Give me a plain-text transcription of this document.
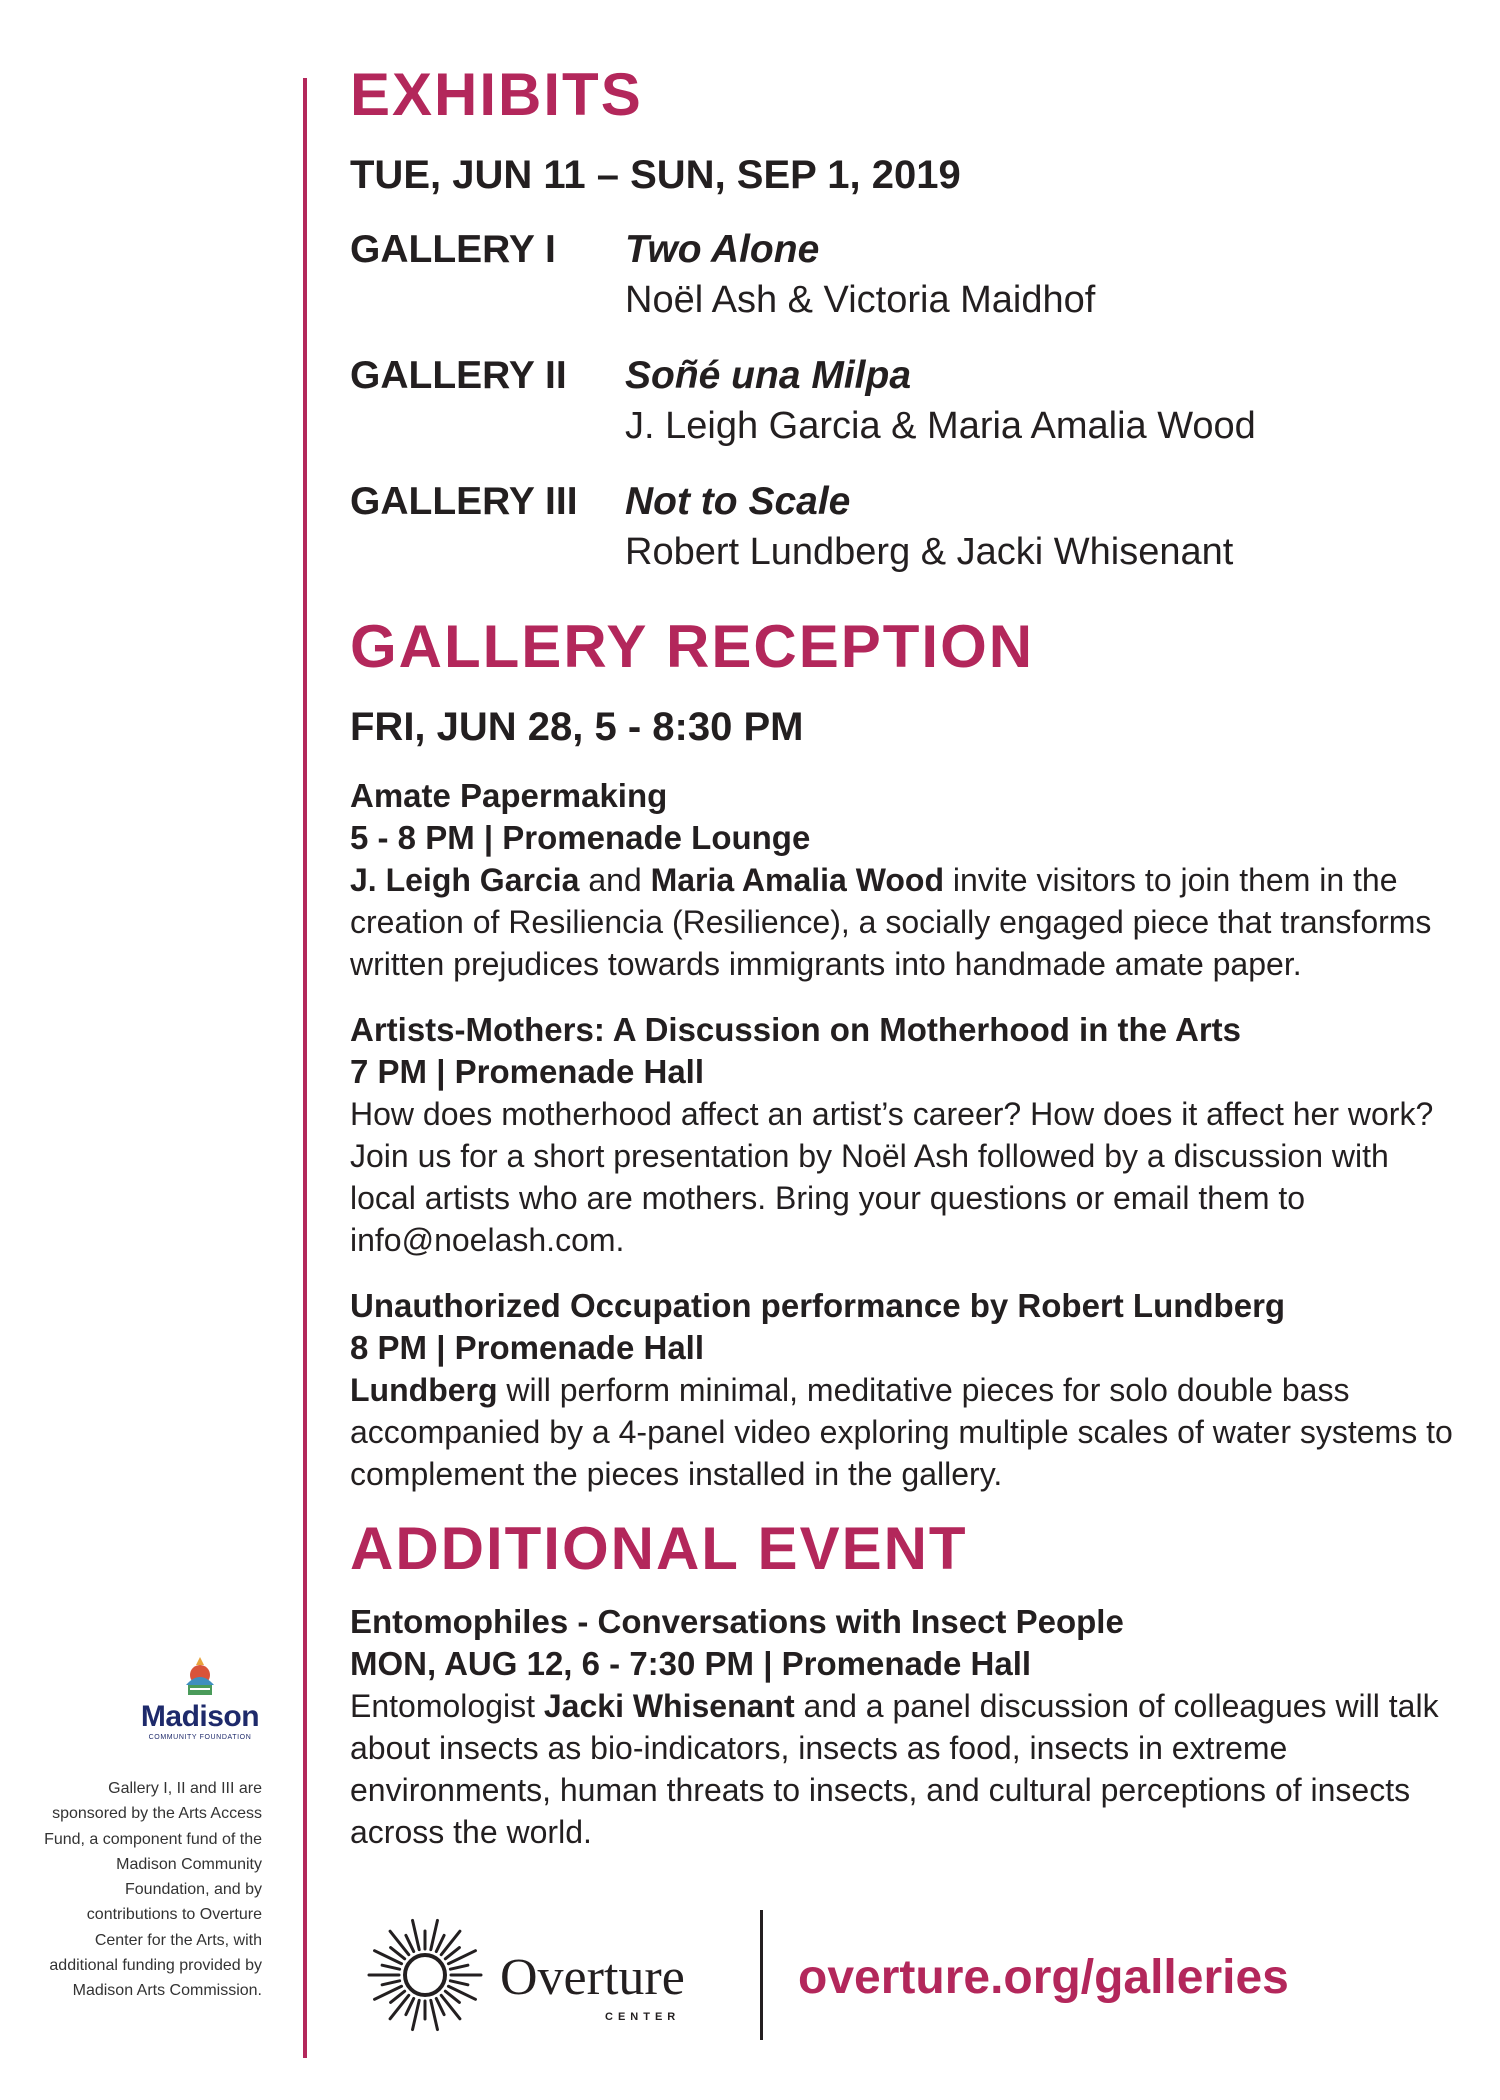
EXHIBITS
TUE, JUN 11 – SUN, SEP 1, 2019
GALLERY I Two Alone
Noël Ash & Victoria Maidhof
GALLERY II Soñé una Milpa
J. Leigh Garcia & Maria Amalia Wood
GALLERY III Not to Scale
Robert Lundberg & Jacki Whisenant
GALLERY RECEPTION
FRI, JUN 28, 5 - 8:30 PM
Amate Papermaking
5 - 8 PM | Promenade Lounge
J. Leigh Garcia and Maria Amalia Wood invite visitors to join them in the creation of Resiliencia (Resilience), a socially engaged piece that transforms written prejudices towards immigrants into handmade amate paper.
Artists-Mothers: A Discussion on Motherhood in the Arts
7 PM | Promenade Hall
How does motherhood affect an artist’s career? How does it affect her work? Join us for a short presentation by Noël Ash followed by a discussion with local artists who are mothers. Bring your questions or email them to info@noelash.com.
Unauthorized Occupation performance by Robert Lundberg
8 PM | Promenade Hall
Lundberg will perform minimal, meditative pieces for solo double bass accompanied by a 4-panel video exploring multiple scales of water systems to complement the pieces installed in the gallery.
ADDITIONAL EVENT
Entomophiles - Conversations with Insect People
MON, AUG 12, 6 - 7:30 PM | Promenade Hall
Entomologist Jacki Whisenant and a panel discussion of colleagues will talk about insects as bio-indicators, insects as food, insects in extreme environments, human threats to insects, and cultural perceptions of insects across the world.
Madison
COMMUNITY FOUNDATION
Gallery I, II and III are sponsored by the Arts Access Fund, a component fund of the Madison Community Foundation, and by contributions to Overture Center for the Arts, with additional funding provided by Madison Arts Commission.	Overture
CENTER
overture.org/galleries
